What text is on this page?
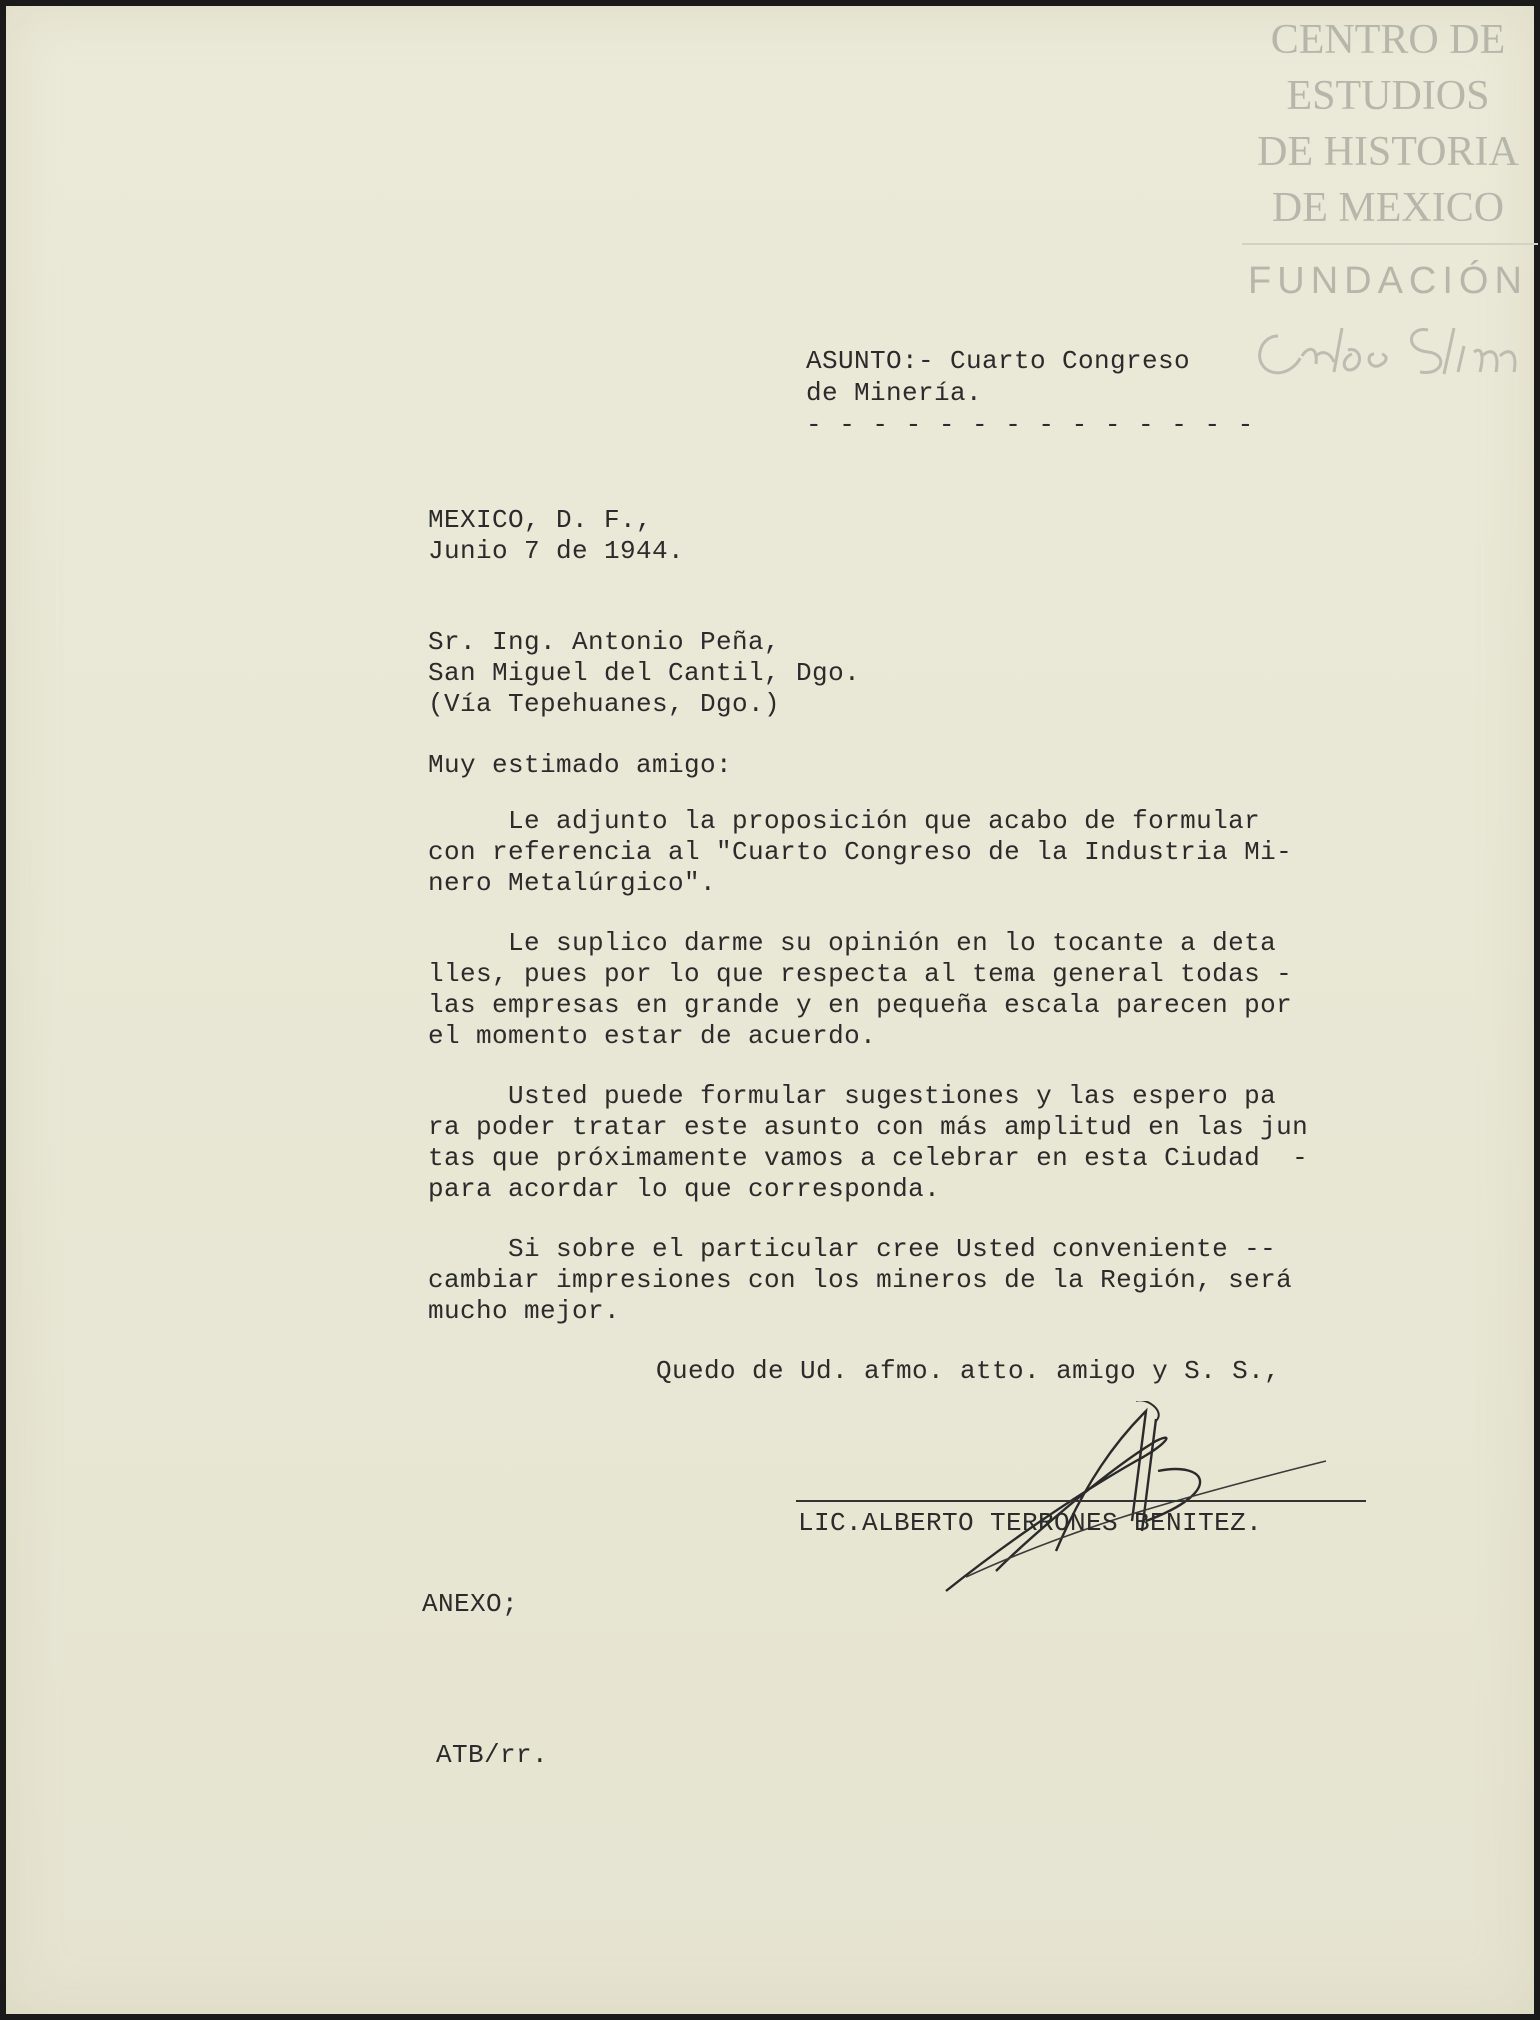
CENTRO DE
ESTUDIOS
DE HISTORIA
DE MEXICO
FUNDACIÓN
ASUNTO:- Cuarto Congreso
de Minería.
- - - - - - - - - - - - - -
MEXICO, D. F.,
Junio 7 de 1944.
Sr. Ing. Antonio Peña,
San Miguel del Cantil, Dgo.
(Vía Tepehuanes, Dgo.)
Muy estimado amigo:
Le adjunto la proposición que acabo de formular
con referencia al "Cuarto Congreso de la Industria Mi-
nero Metalúrgico".
Le suplico darme su opinión en lo tocante a deta
lles, pues por lo que respecta al tema general todas -
las empresas en grande y en pequeña escala parecen por
el momento estar de acuerdo.
Usted puede formular sugestiones y las espero pa
ra poder tratar este asunto con más amplitud en las jun
tas que próximamente vamos a celebrar en esta Ciudad  -
para acordar lo que corresponda.
Si sobre el particular cree Usted conveniente --
cambiar impresiones con los mineros de la Región, será
mucho mejor.
Quedo de Ud. afmo. atto. amigo y S. S.,
LIC.ALBERTO TERRONES BENITEZ.
ANEXO;
ATB/rr.
